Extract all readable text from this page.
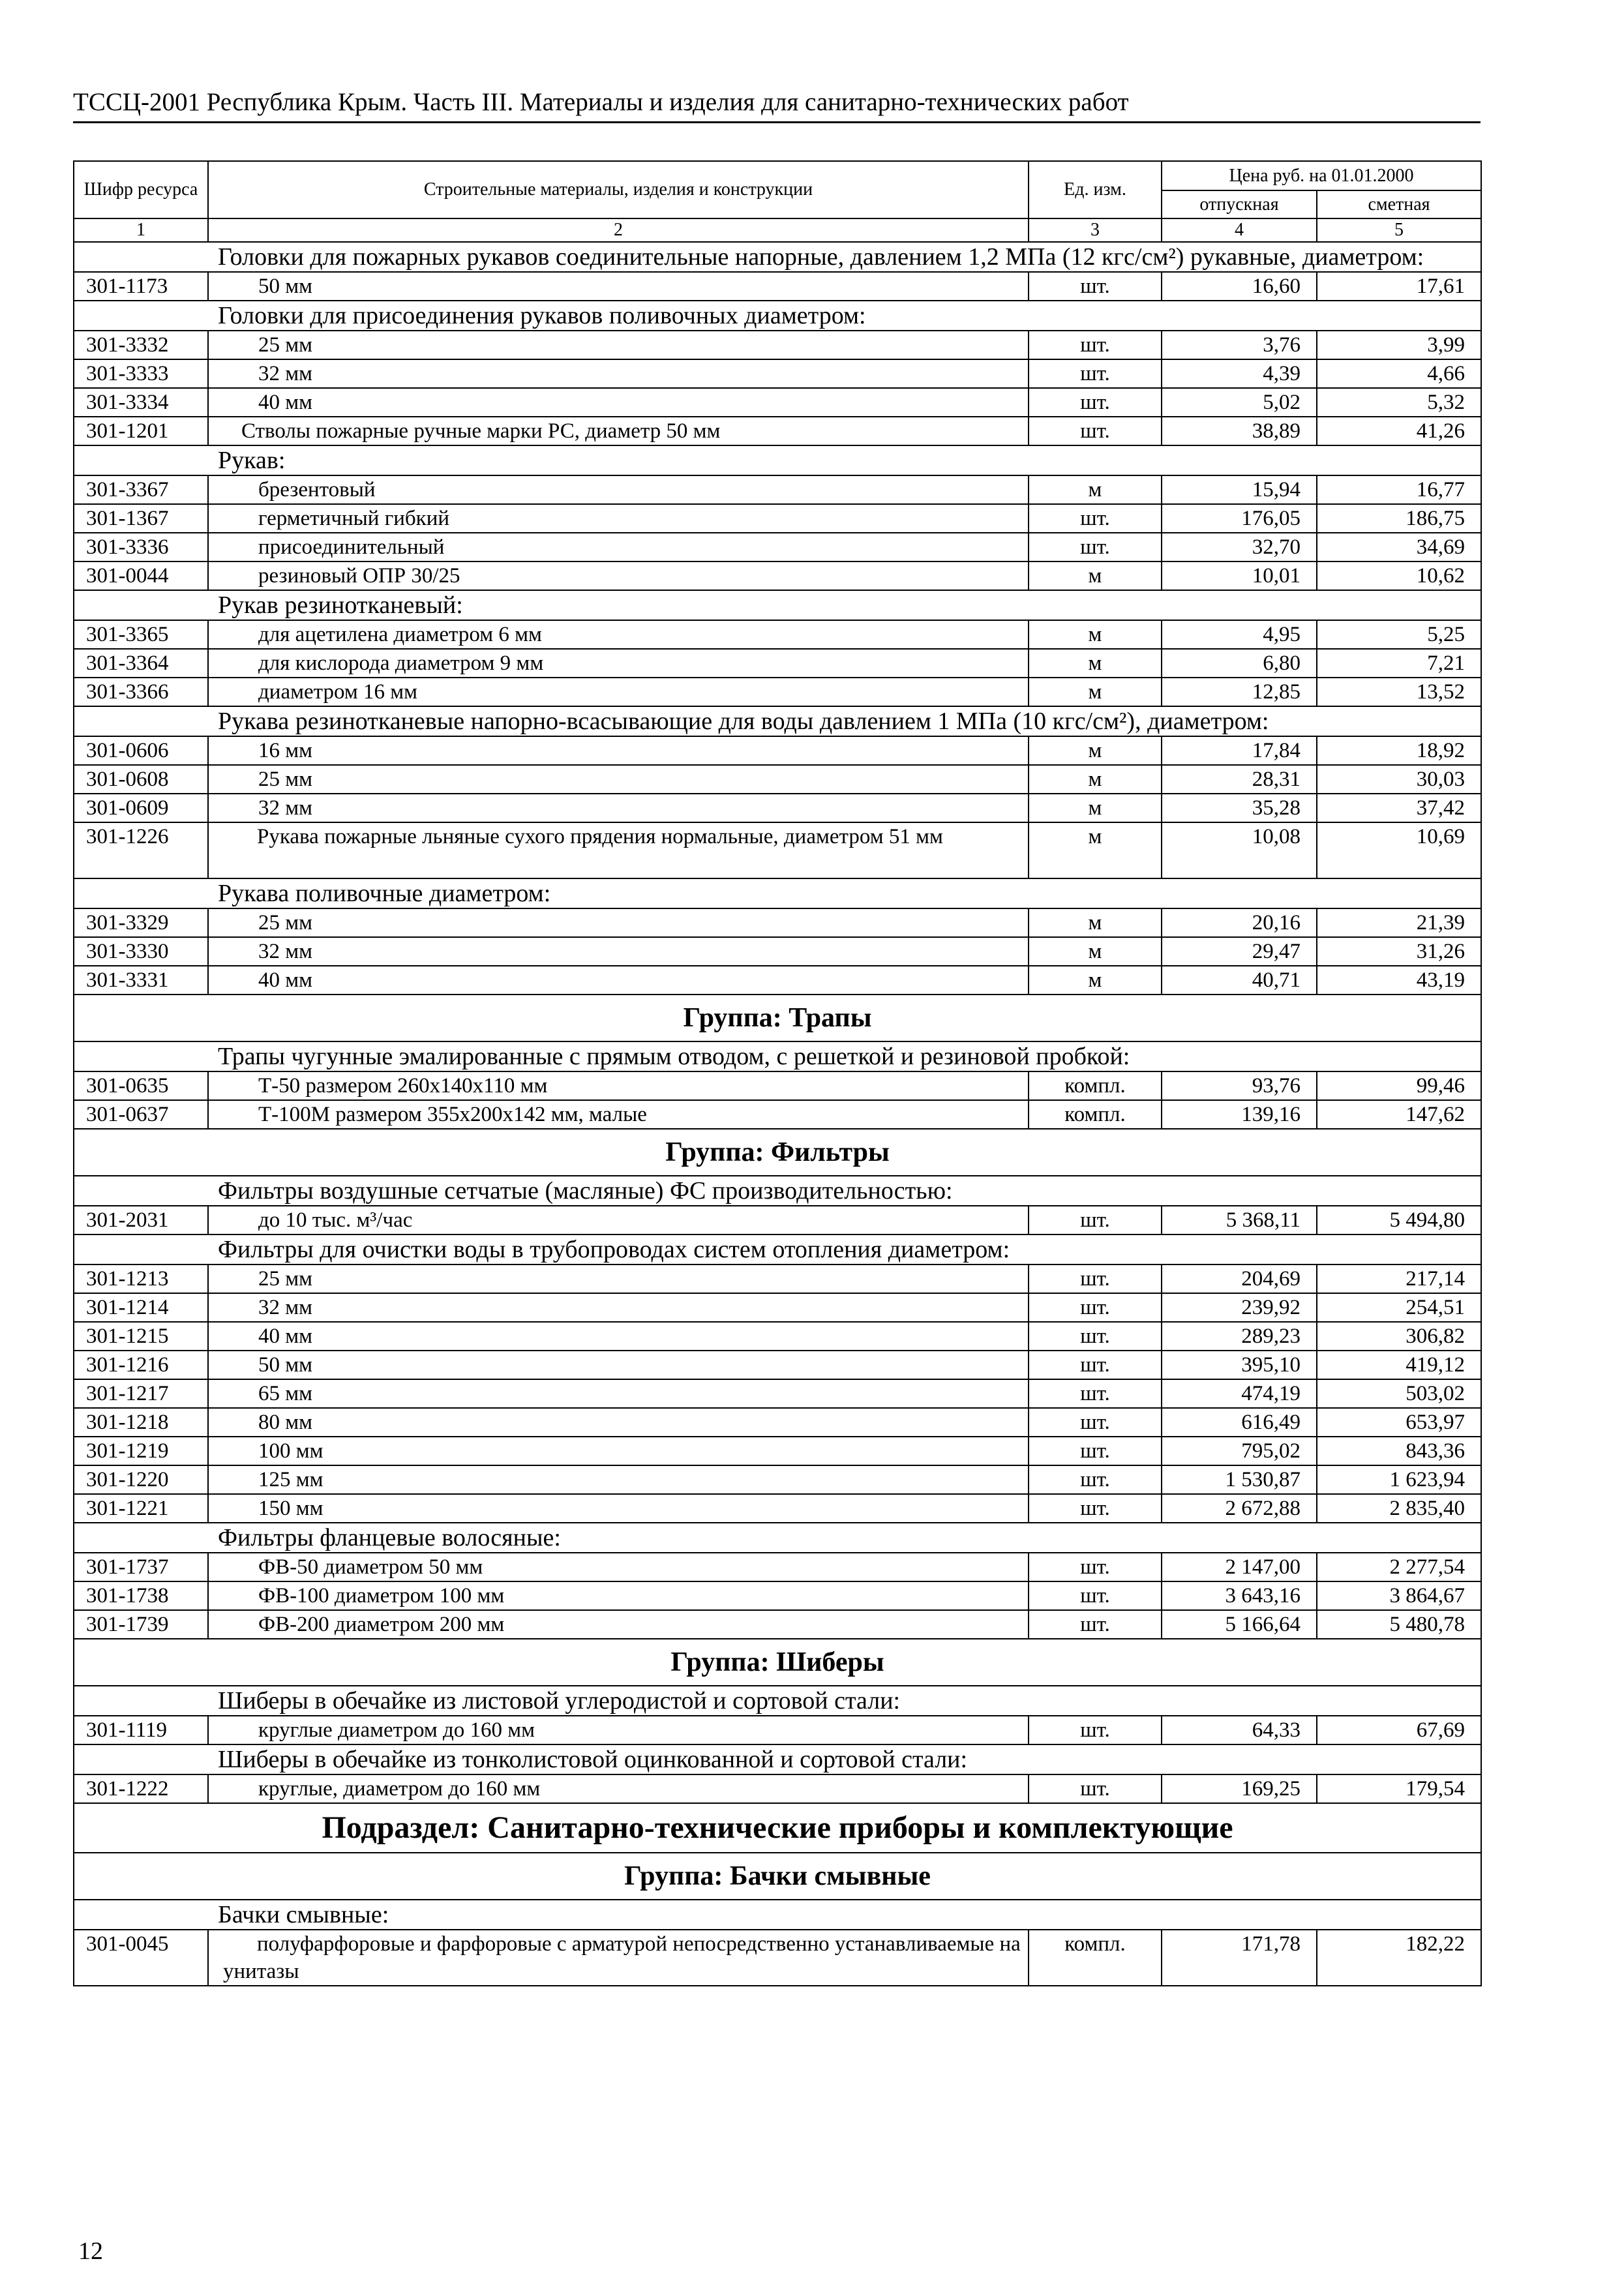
ТССЦ-2001 Республика Крым. Часть III. Материалы и изделия для санитарно-технических работ
Шифр ресурса	Строительные материалы, изделия и конструкции	Ед. изм.	Цена руб. на 01.01.2000	
			отпускная	сметная
1	2	3	4	5
Головки для пожарных рукавов соединительные напорные, давлением 1,2 МПа (12 кгс/см²) рукавные, диаметром:				
301-1173	50 мм	шт.	16,60	17,61
Головки для присоединения рукавов поливочных диаметром:				
301-3332	25 мм	шт.	3,76	3,99
301-3333	32 мм	шт.	4,39	4,66
301-3334	40 мм	шт.	5,02	5,32
301-1201	Стволы пожарные ручные марки РС, диаметр 50 мм	шт.	38,89	41,26
Рукав:				
301-3367	брезентовый	м	15,94	16,77
301-1367	герметичный гибкий	шт.	176,05	186,75
301-3336	присоединительный	шт.	32,70	34,69
301-0044	резиновый ОПР 30/25	м	10,01	10,62
Рукав резинотканевый:				
301-3365	для ацетилена диаметром 6 мм	м	4,95	5,25
301-3364	для кислорода диаметром 9 мм	м	6,80	7,21
301-3366	диаметром 16 мм	м	12,85	13,52
Рукава резинотканевые напорно-всасывающие для воды давлением 1 МПа (10 кгс/см²), диаметром:				
301-0606	16 мм	м	17,84	18,92
301-0608	25 мм	м	28,31	30,03
301-0609	32 мм	м	35,28	37,42
301-1226	Рукава пожарные льняные сухого прядения нормальные, диаметром 51 мм	м	10,08	10,69
Рукава поливочные диаметром:				
301-3329	25 мм	м	20,16	21,39
301-3330	32 мм	м	29,47	31,26
301-3331	40 мм	м	40,71	43,19
Группа: Трапы				
Трапы чугунные эмалированные с прямым отводом, с решеткой и резиновой пробкой:				
301-0635	Т-50 размером 260х140х110 мм	компл.	93,76	99,46
301-0637	Т-100М размером 355х200х142 мм, малые	компл.	139,16	147,62
Группа: Фильтры				
Фильтры воздушные сетчатые (масляные) ФС производительностью:				
301-2031	до 10 тыс. м³/час	шт.	5 368,11	5 494,80
Фильтры для очистки воды в трубопроводах систем отопления диаметром:				
301-1213	25 мм	шт.	204,69	217,14
301-1214	32 мм	шт.	239,92	254,51
301-1215	40 мм	шт.	289,23	306,82
301-1216	50 мм	шт.	395,10	419,12
301-1217	65 мм	шт.	474,19	503,02
301-1218	80 мм	шт.	616,49	653,97
301-1219	100 мм	шт.	795,02	843,36
301-1220	125 мм	шт.	1 530,87	1 623,94
301-1221	150 мм	шт.	2 672,88	2 835,40
Фильтры фланцевые волосяные:				
301-1737	ФВ-50 диаметром 50 мм	шт.	2 147,00	2 277,54
301-1738	ФВ-100 диаметром 100 мм	шт.	3 643,16	3 864,67
301-1739	ФВ-200 диаметром 200 мм	шт.	5 166,64	5 480,78
Группа: Шиберы				
Шиберы в обечайке из листовой углеродистой и сортовой стали:				
301-1119	круглые диаметром до 160 мм	шт.	64,33	67,69
Шиберы в обечайке из тонколистовой оцинкованной и сортовой стали:				
301-1222	круглые, диаметром до 160 мм	шт.	169,25	179,54
Подраздел: Санитарно-технические приборы и комплектующие				
Группа: Бачки смывные				
Бачки смывные:				
301-0045	полуфарфоровые и фарфоровые с арматурой непосредственно устанавливаемые на унитазы	компл.	171,78	182,22
12
